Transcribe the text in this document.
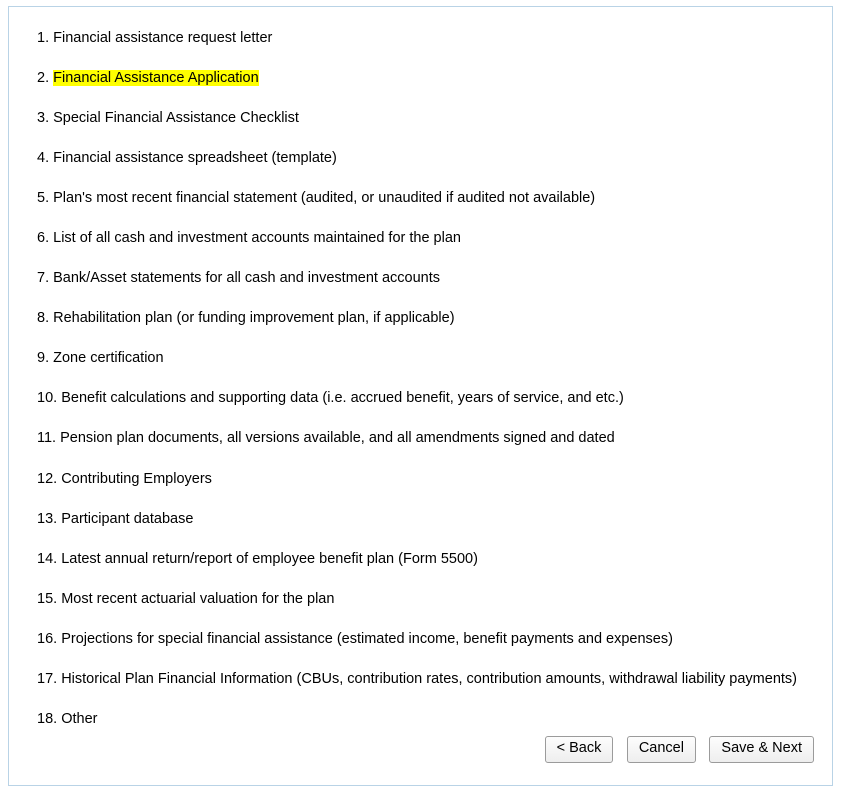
1. Financial assistance request letter

2. Financial Assistance Application

3. Special Financial Assistance Checklist

4. Financial assistance spreadsheet (template)

5. Plan's most recent financial statement (audited, or unaudited if audited not available)

6. List of all cash and investment accounts maintained for the plan

7. Bank/Asset statements for all cash and investment accounts

8. Rehabilitation plan (or funding improvement plan, if applicable)

9. Zone certification

10. Benefit calculations and supporting data (i.e. accrued benefit, years of service, and etc.)

11. Pension plan documents, all versions available, and all amendments signed and dated

12. Contributing Employers

13. Participant database

14. Latest annual return/report of employee benefit plan (Form 5500)

15. Most recent actuarial valuation for the plan

16. Projections for special financial assistance (estimated income, benefit payments and expenses)

17. Historical Plan Financial Information (CBUs, contribution rates, contribution amounts, withdrawal liability payments)

18. Other

< Back	Cancel	Save & Next
